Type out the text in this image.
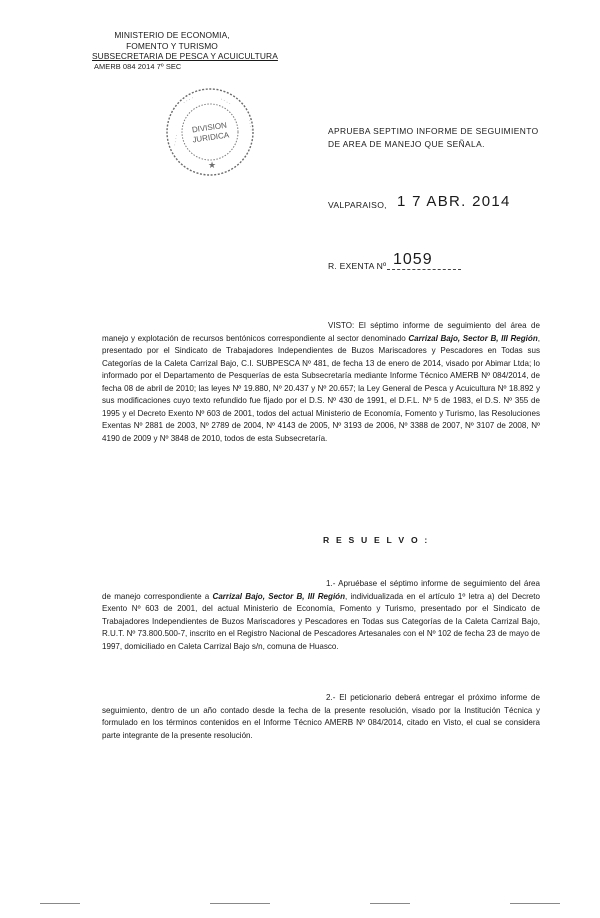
MINISTERIO DE ECONOMIA,
FOMENTO Y TURISMO
SUBSECRETARIA DE PESCA Y ACUICULTURA
AMERB 084 2014 7º SEC
· · · ·	· · · ·
· · · ·
· · · ·
★
DIVISION
JURIDICA	APRUEBA SEPTIMO INFORME DE SEGUIMIENTO
DE AREA DE MANEJO QUE SEÑALA.
VALPARAISO, 1 7 ABR. 2014
R. EXENTA Nº 1059
VISTO: El séptimo informe de seguimiento del área de manejo y explotación de recursos bentónicos correspondiente al sector denominado Carrizal Bajo, Sector B, III Región, presentado por el Sindicato de Trabajadores Independientes de Buzos Mariscadores y Pescadores en Todas sus Categorías de la Caleta Carrizal Bajo, C.I. SUBPESCA Nº 481, de fecha 13 de enero de 2014, visado por Abimar Ltda; lo informado por el Departamento de Pesquerías de esta Subsecretaría mediante Informe Técnico AMERB Nº 084/2014, de fecha 08 de abril de 2010; las leyes Nº 19.880, Nº 20.437 y Nº 20.657; la Ley General de Pesca y Acuicultura Nº 18.892 y sus modificaciones cuyo texto refundido fue fijado por el D.S. Nº 430 de 1991, el D.F.L. Nº 5 de 1983, el D.S. Nº 355 de 1995 y el Decreto Exento Nº 603 de 2001, todos del actual Ministerio de Economía, Fomento y Turismo, las Resoluciones Exentas Nº 2881 de 2003, Nº 2789 de 2004, Nº 4143 de 2005, Nº 3193 de 2006, Nº 3388 de 2007, Nº 3107 de 2008, Nº 4190 de 2009 y Nº 3848 de 2010, todos de esta Subsecretaría.
R E S U E L V O :
1.- Apruébase el séptimo informe de seguimiento del área de manejo correspondiente a Carrizal Bajo, Sector B, III Región, individualizada en el artículo 1º letra a) del Decreto Exento Nº 603 de 2001, del actual Ministerio de Economía, Fomento y Turismo, presentado por el Sindicato de Trabajadores Independientes de Buzos Mariscadores y Pescadores en Todas sus Categorías de la Caleta Carrizal Bajo, R.U.T. Nº 73.800.500-7, inscrito en el Registro Nacional de Pescadores Artesanales con el Nº 102 de fecha 23 de mayo de 1997, domiciliado en Caleta Carrizal Bajo s/n, comuna de Huasco.
2.- El peticionario deberá entregar el próximo informe de seguimiento, dentro de un año contado desde la fecha de la presente resolución, visado por la Institución Técnica y formulado en los términos contenidos en el Informe Técnico AMERB Nº 084/2014, citado en Visto, el cual se considera parte integrante de la presente resolución.
